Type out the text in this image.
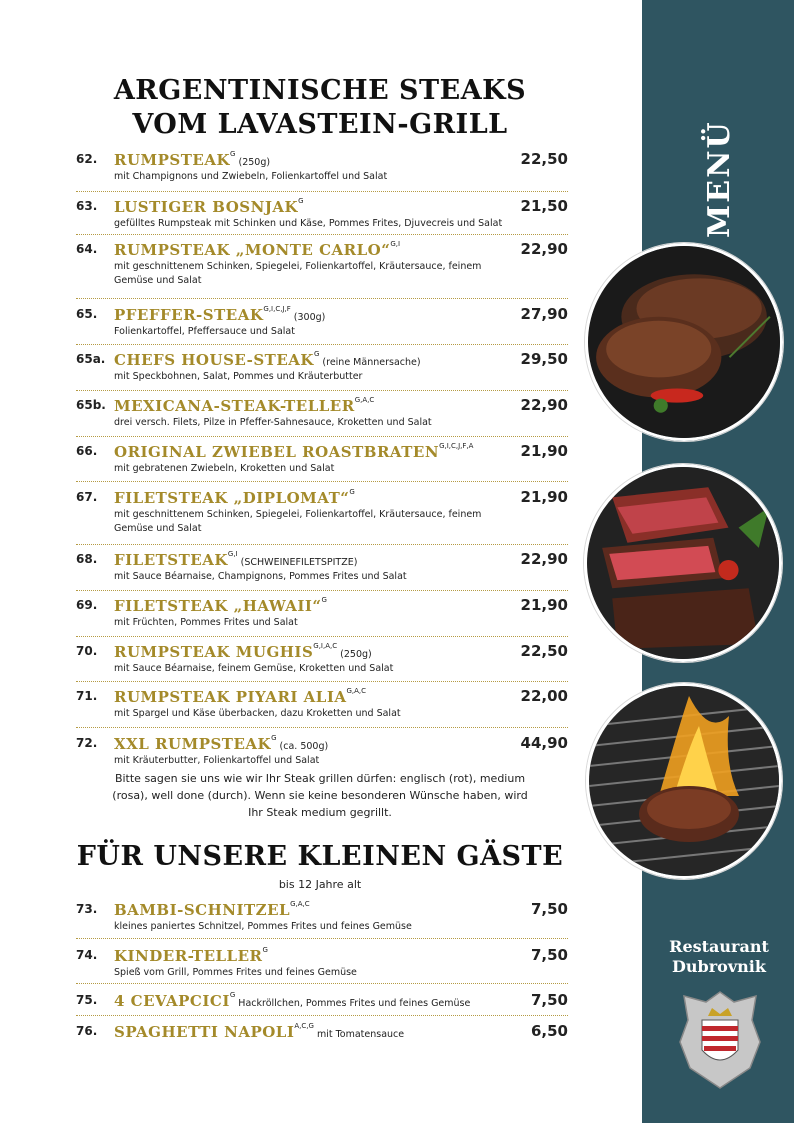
MENÜ
Restaurant
Dubrovnik
ARGENTINISCHE STEAKS
VOM LAVASTEIN-GRILL
62. $RUMPSTEAK^G$ (250g)	22,50
mit Champignons und Zwiebeln, Folienkartoffel und Salat
63. LUSTIGER $BOSNJAK^G$	21,50
gefülltes Rumpsteak mit Schinken und Käse, Pommes Frites, Djuvecreis und Salat
64. RUMPSTEAK „MONTE CARLO“$^{G,I}$	22,90
mit geschnittenem Schinken, Spiegelei, Folienkartoffel, Kräutersauce, feinem Gemüse und Salat
65. PFEFFER-$STEAK^{G,I,C,J,F}$ (300g)	27,90
Folienkartoffel, Pfeffersauce und Salat
65a. CHEFS HOUSE-$STEAK^G$ (reine Männersache)	29,50
mit Speckbohnen, Salat, Pommes und Kräuterbutter
65b. MEXICANA-$STEAK-TELLER^{G,A,C}$	22,90
drei versch. Filets, Pilze in Pfeffer-Sahnesauce, Kroketten und Salat
66. ORIGINAL ZWIEBEL $ROASTBRATEN^{G,I,C,J,F,A}$	21,90
mit gebratenen Zwiebeln, Kroketten und Salat
67. FILETSTEAK „DIPLOMAT“$^G$	21,90
mit geschnittenem Schinken, Spiegelei, Folienkartoffel, Kräutersauce, feinem Gemüse und Salat
68. $FILETSTEAK^{G,I}$ (SCHWEINEFILETSPITZE)	22,90
mit Sauce Béarnaise, Champignons, Pommes Frites und Salat
69. FILETSTEAK „HAWAII“$^G$	21,90
mit Früchten, Pommes Frites und Salat
70. RUMPSTEAK $MUGHIS^{G,I,A,C}$ (250g)	22,50
mit Sauce Béarnaise, feinem Gemüse, Kroketten und Salat
71. RUMPSTEAK PIYARI $ALIA^{G,A,C}$	22,00
mit Spargel und Käse überbacken, dazu Kroketten und Salat
72. XXL $RUMPSTEAK^G$ (ca. 500g)	44,90
mit Kräuterbutter, Folienkartoffel und Salat
Bitte sagen sie uns wie wir Ihr Steak grillen dürfen: englisch (rot), medium (rosa), well done (durch). Wenn sie keine besonderen Wünsche haben, wird Ihr Steak medium gegrillt.
FÜR UNSERE KLEINEN GÄSTE
bis 12 Jahre alt
73. BAMBI-$SCHNITZEL^{G,A,C}$	7,50
kleines paniertes Schnitzel, Pommes Frites und feines Gemüse
74. KINDER-$TELLER^G$	7,50
Spieß vom Grill, Pommes Frites und feines Gemüse
75. 4 $CEVAPCICI^G$ Hackröllchen, Pommes Frites und feines Gemüse	7,50
76. SPAGHETTI $NAPOLI^{A,C,G}$ mit Tomatensauce	6,50
